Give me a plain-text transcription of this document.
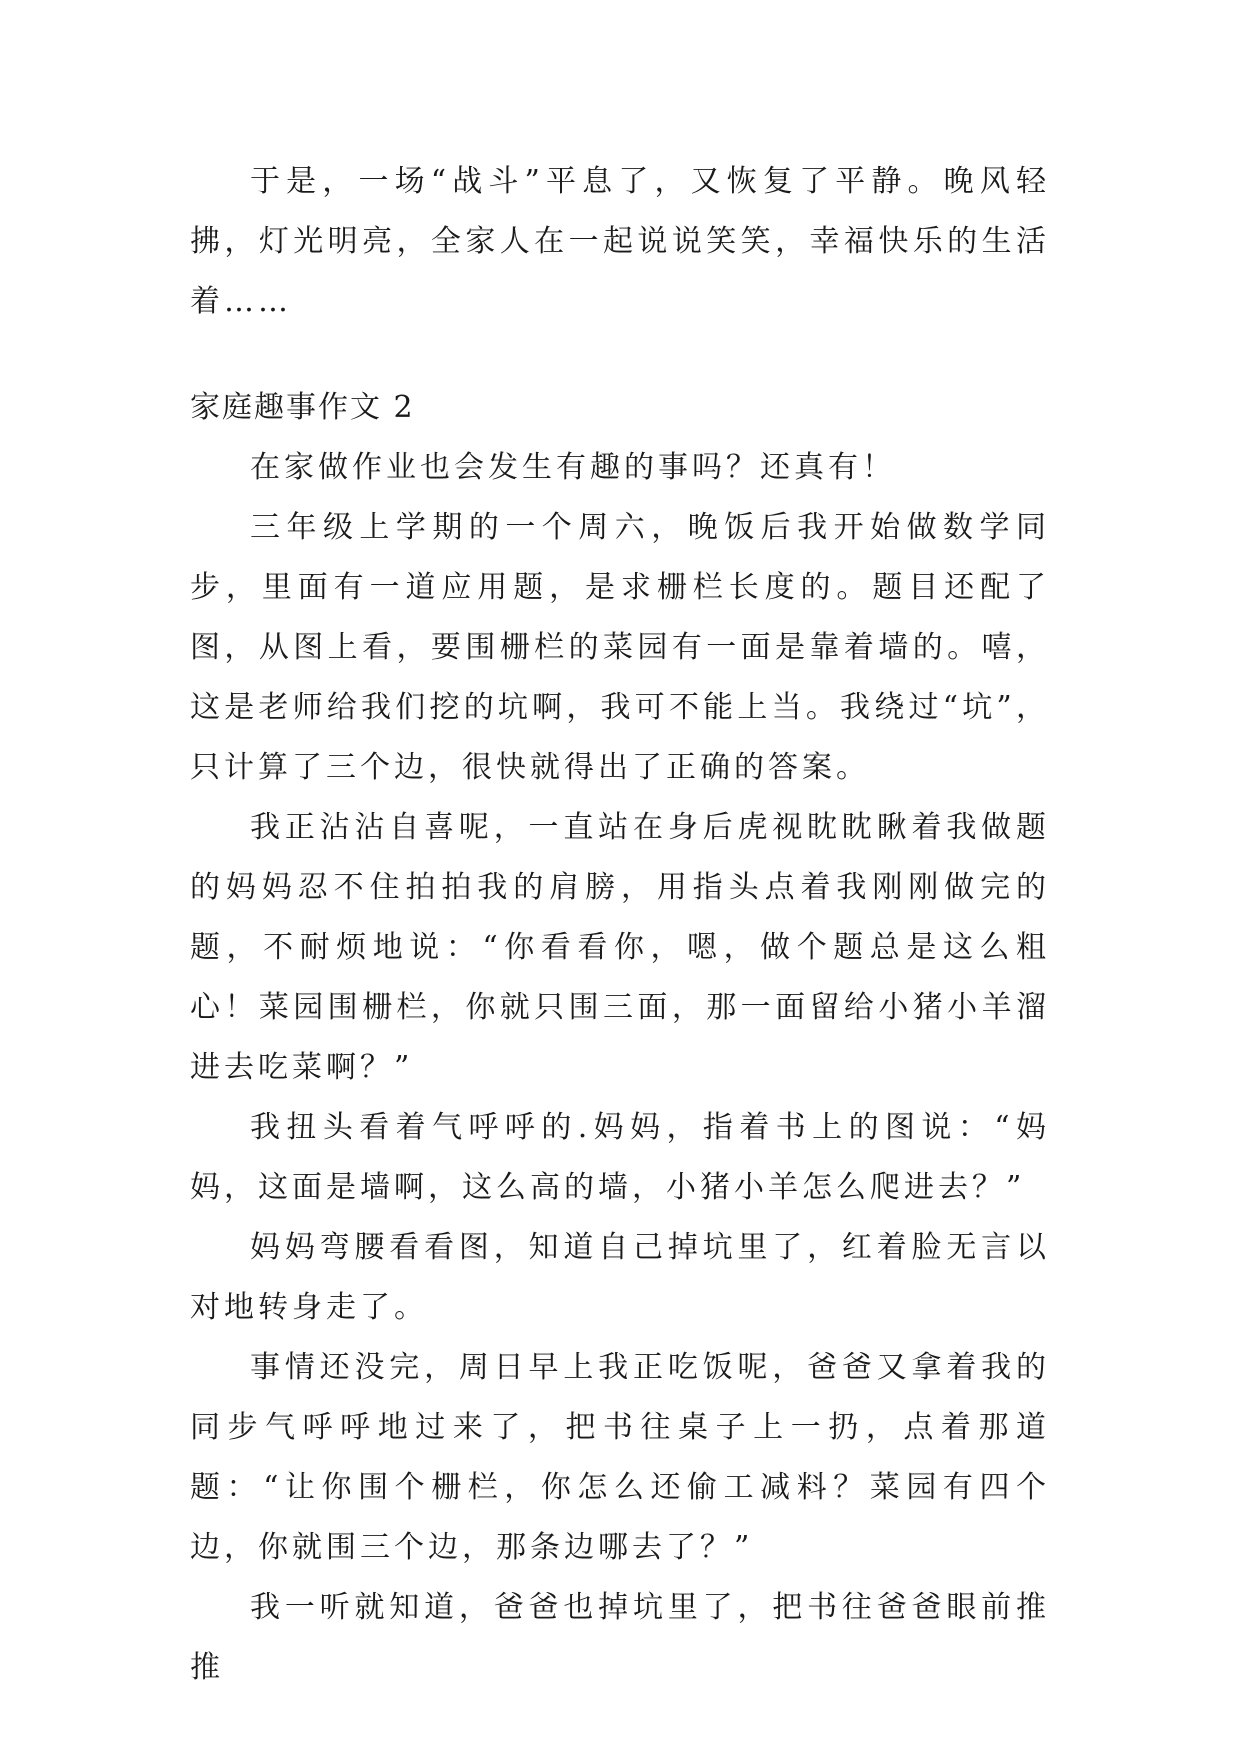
于是，一场“战斗”平息了，又恢复了平静。晚风轻拂，灯光明亮，全家人在一起说说笑笑，幸福快乐的生活着……

家庭趣事作文 2

在家做作业也会发生有趣的事吗？还真有！

三年级上学期的一个周六，晚饭后我开始做数学同步，里面有一道应用题，是求栅栏长度的。题目还配了图，从图上看，要围栅栏的菜园有一面是靠着墙的。嘻，这是老师给我们挖的坑啊，我可不能上当。我绕过“坑”，只计算了三个边，很快就得出了正确的答案。

我正沾沾自喜呢，一直站在身后虎视眈眈瞅着我做题的妈妈忍不住拍拍我的肩膀，用指头点着我刚刚做完的题，不耐烦地说：“你看看你，嗯，做个题总是这么粗心！菜园围栅栏，你就只围三面，那一面留给小猪小羊溜进去吃菜啊？”

我扭头看着气呼呼的.妈妈，指着书上的图说：“妈妈，这面是墙啊，这么高的墙，小猪小羊怎么爬进去？”

妈妈弯腰看看图，知道自己掉坑里了，红着脸无言以对地转身走了。

事情还没完，周日早上我正吃饭呢，爸爸又拿着我的同步气呼呼地过来了，把书往桌子上一扔，点着那道题：“让你围个栅栏，你怎么还偷工减料？菜园有四个边，你就围三个边，那条边哪去了？”

我一听就知道，爸爸也掉坑里了，把书往爸爸眼前推推
